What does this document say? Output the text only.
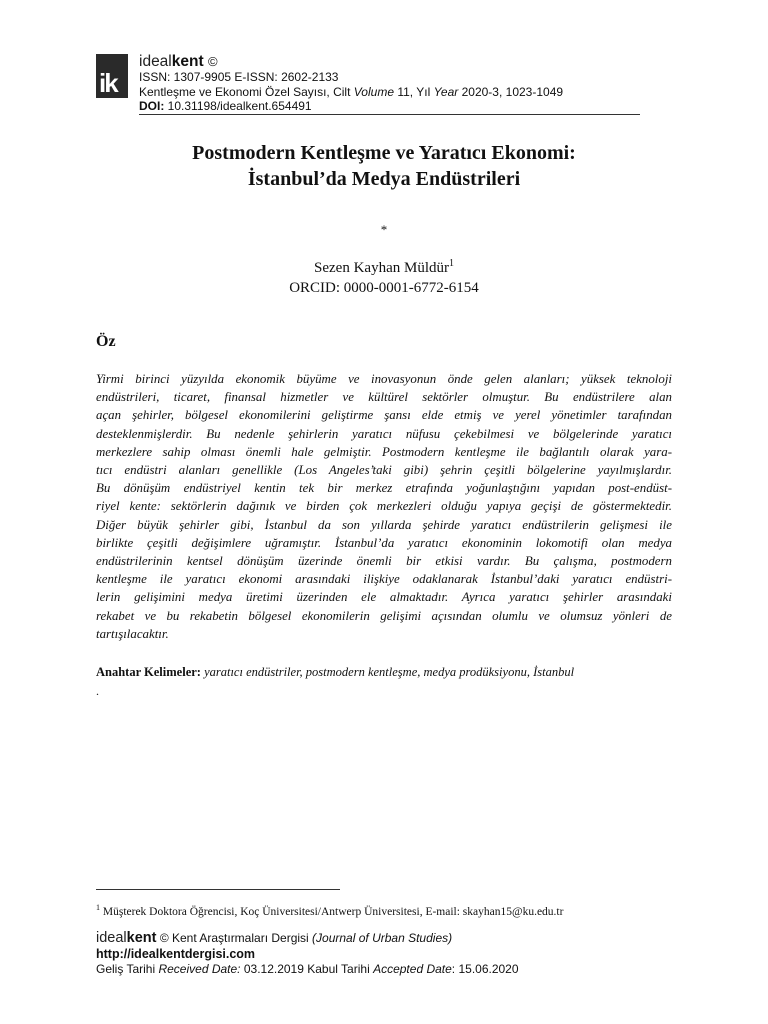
ik
idealkent ©
ISSN: 1307-9905 E-ISSN: 2602-2133
Kentleşme ve Ekonomi Özel Sayısı, Cilt Volume 11, Yıl Year 2020-3, 1023-1049
DOI: 10.31198/idealkent.654491
Postmodern Kentleşme ve Yaratıcı Ekonomi:
İstanbul’da Medya Endüstrileri
*
Sezen Kayhan Müldür$^1$
ORCID: 0000-0001-6772-6154
Öz
Yirmi birinci yüzyılda ekonomik büyüme ve inovasyonun önde gelen alanları; yüksek teknoloji
endüstrileri, ticaret, finansal hizmetler ve kültürel sektörler olmuştur. Bu endüstrilere alan
açan şehirler, bölgesel ekonomilerini geliştirme şansı elde etmiş ve yerel yönetimler tarafından
desteklenmişlerdir. Bu nedenle şehirlerin yaratıcı nüfusu çekebilmesi ve bölgelerinde yaratıcı
merkezlere sahip olması önemli hale gelmiştir. Postmodern kentleşme ile bağlantılı olarak yara-
tıcı endüstri alanları genellikle (Los Angeles’taki gibi) şehrin çeşitli bölgelerine yayılmışlardır.
Bu dönüşüm endüstriyel kentin tek bir merkez etrafında yoğunlaştığını yapıdan post-endüst-
riyel kente: sektörlerin dağınık ve birden çok merkezleri olduğu yapıya geçişi de göstermektedir.
Diğer büyük şehirler gibi, İstanbul da son yıllarda şehirde yaratıcı endüstrilerin gelişmesi ile
birlikte çeşitli değişimlere uğramıştır. İstanbul’da yaratıcı ekonominin lokomotifi olan medya
endüstrilerinin kentsel dönüşüm üzerinde önemli bir etkisi vardır. Bu çalışma, postmodern
kentleşme ile yaratıcı ekonomi arasındaki ilişkiye odaklanarak İstanbul’daki yaratıcı endüstri-
lerin gelişimini medya üretimi üzerinden ele almaktadır. Ayrıca yaratıcı şehirler arasındaki
rekabet ve bu rekabetin bölgesel ekonomilerin gelişimi açısından olumlu ve olumsuz yönleri de
tartışılacaktır.
Anahtar Kelimeler: yaratıcı endüstriler, postmodern kentleşme, medya prodüksiyonu, İstanbul
.
$^1$ Müşterek Doktora Öğrencisi, Koç Üniversitesi/Antwerp Üniversitesi, E-mail: skayhan15@ku.edu.tr
idealkent © Kent Araştırmaları Dergisi (Journal of Urban Studies)
http://idealkentdergisi.com
Geliş Tarihi Received Date: 03.12.2019 Kabul Tarihi Accepted Date: 15.06.2020
